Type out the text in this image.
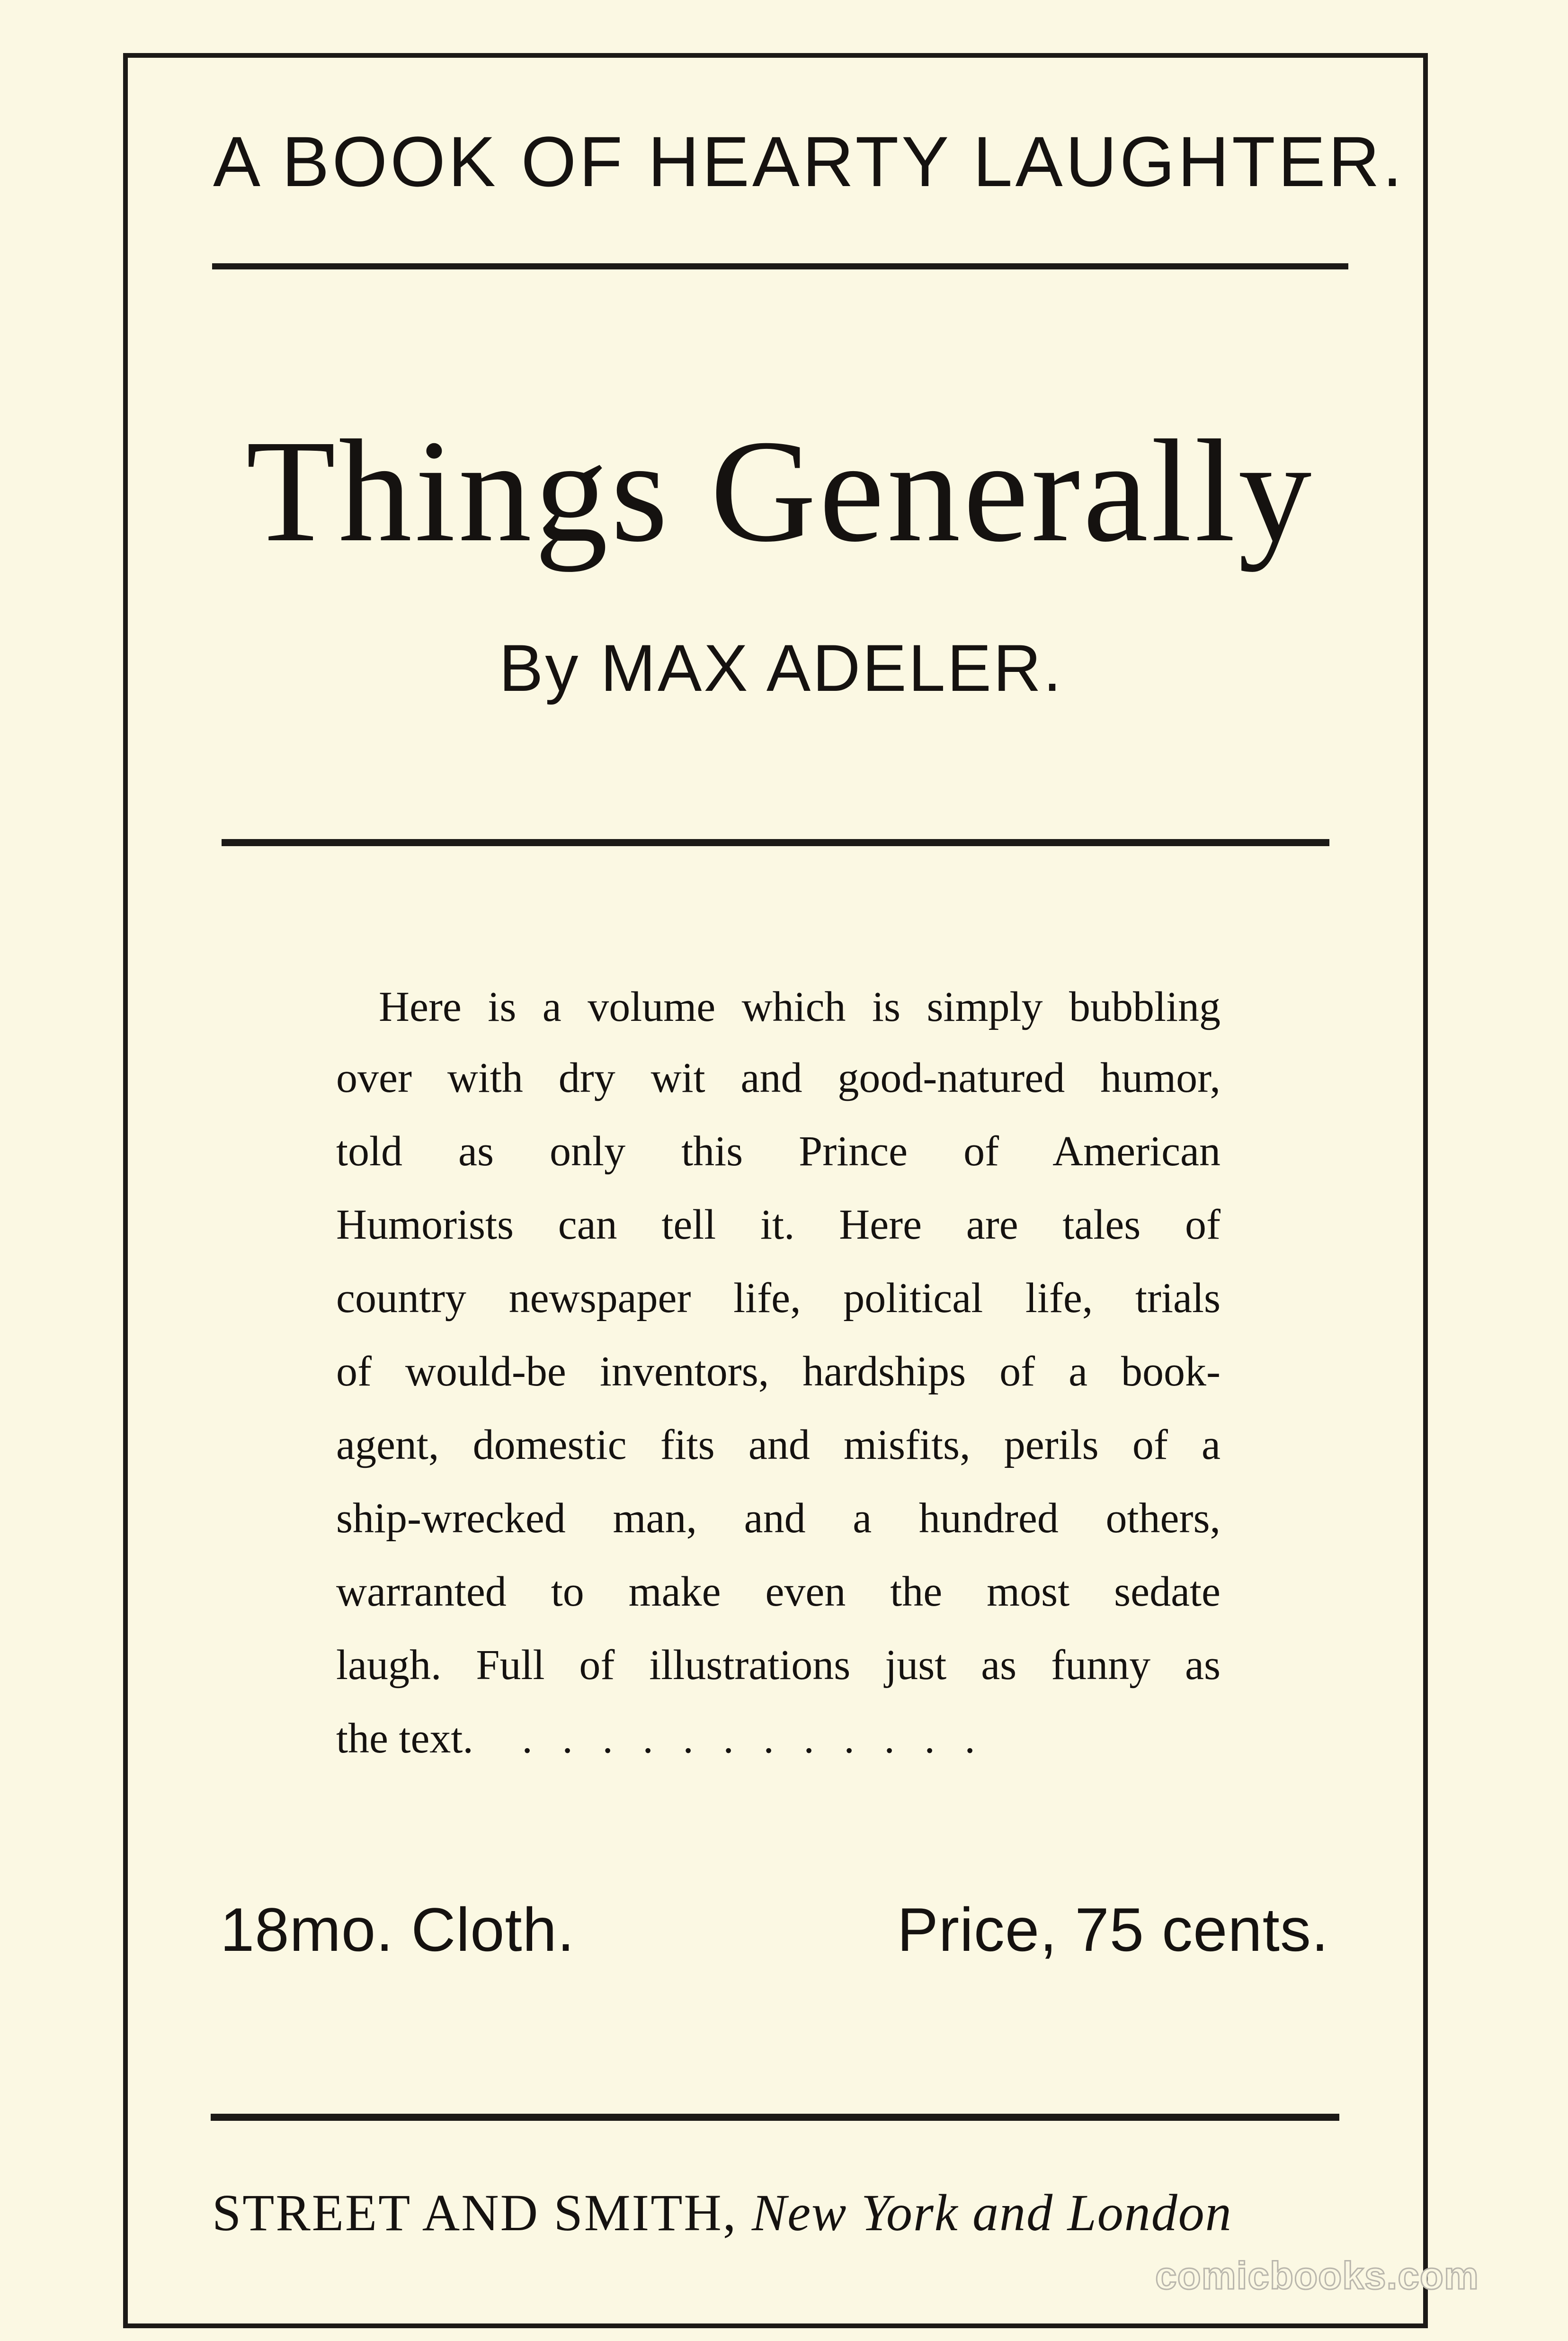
A BOOK OF HEARTY LAUGHTER.
Things Generally
By MAX ADELER.
Here is a volume which is simply bubbling
over with dry wit and good-natured humor,
told as only this Prince of American
Humorists can tell it. Here are tales of
country newspaper life, political life, trials
of would-be inventors, hardships of a book-
agent, domestic fits and misfits, perils of a
ship-wrecked man, and a hundred others,
warranted to make even the most sedate
laugh. Full of illustrations just as funny as
the text. . . . . . . . . . . . .
18mo. Cloth.	Price, 75 cents.
STREET AND SMITH, New York and London
comicbooks.com
